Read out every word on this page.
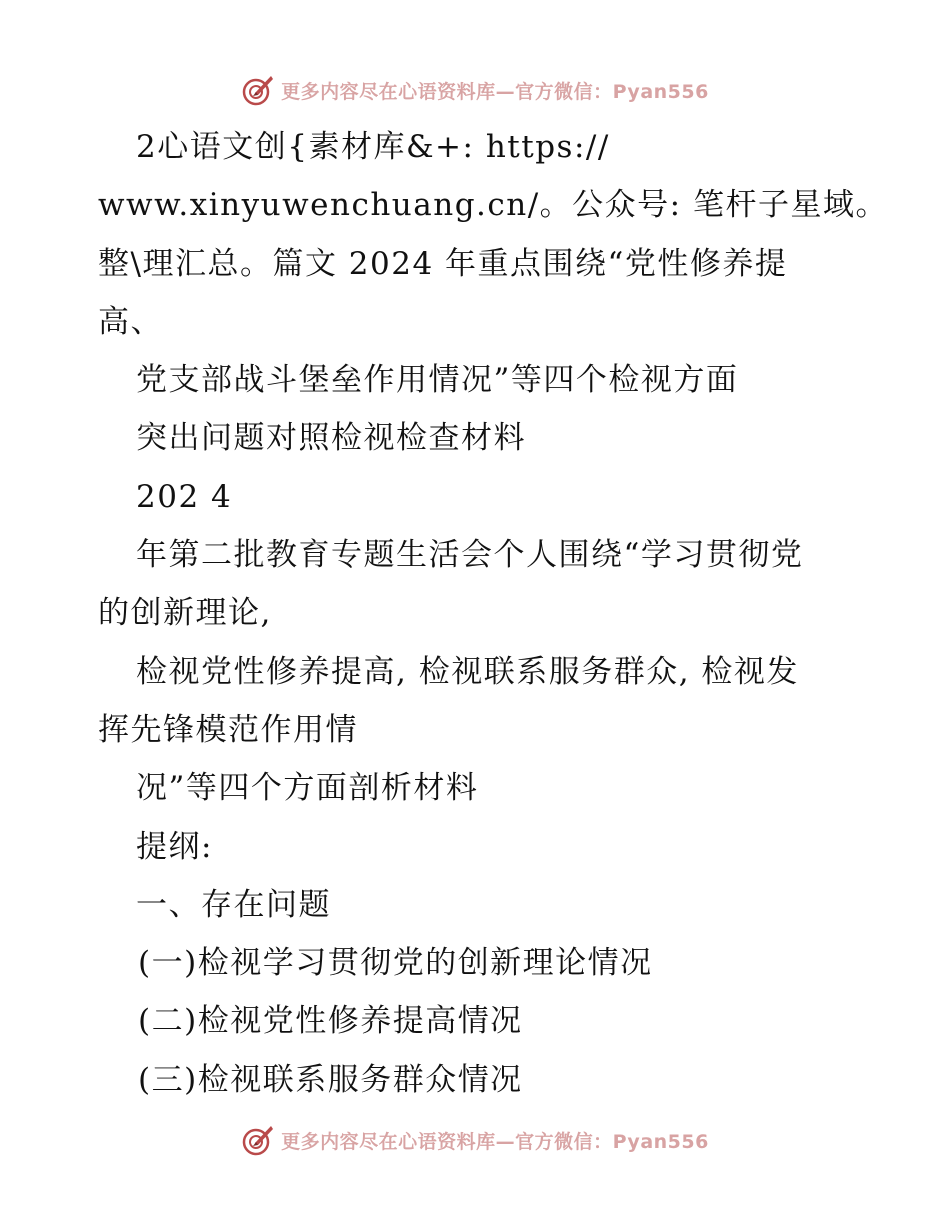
更多内容尽在心语资料库—官方微信：Pyan556
2心语文创{素材库&+: https://
www.xinyuwenchuang.cn/。公众号: 笔杆子星域。
整\理汇总。篇文 2024 年重点围绕“党性修养提
高、
党支部战斗堡垒作用情况”等四个检视方面
突出问题对照检视检查材料
202 4
年第二批教育专题生活会个人围绕“学习贯彻党
的创新理论,
检视党性修养提高, 检视联系服务群众, 检视发
挥先锋模范作用情
况”等四个方面剖析材料
提纲:
一、存在问题
(一)检视学习贯彻党的创新理论情况
(二)检视党性修养提高情况
(三)检视联系服务群众情况
更多内容尽在心语资料库—官方微信：Pyan556
